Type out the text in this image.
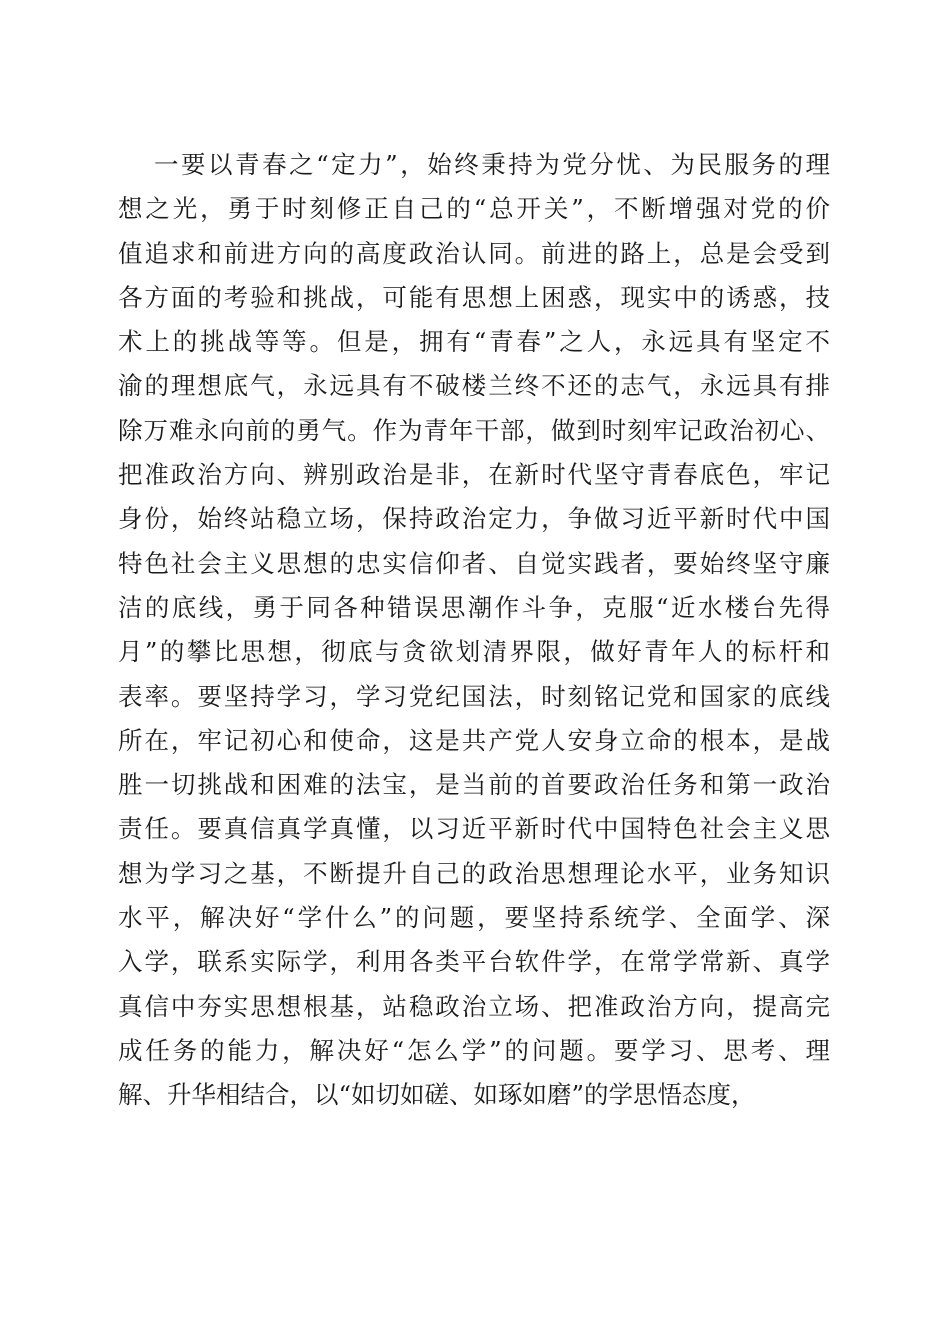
一要以青春之“定力”，始终秉持为党分忧、为民服务的理
想之光，勇于时刻修正自己的“总开关”，不断增强对党的价
值追求和前进方向的高度政治认同。前进的路上，总是会受到
各方面的考验和挑战，可能有思想上困惑，现实中的诱惑，技
术上的挑战等等。但是，拥有“青春”之人，永远具有坚定不
渝的理想底气，永远具有不破楼兰终不还的志气，永远具有排
除万难永向前的勇气。作为青年干部，做到时刻牢记政治初心、
把准政治方向、辨别政治是非，在新时代坚守青春底色，牢记
身份，始终站稳立场，保持政治定力，争做习近平新时代中国
特色社会主义思想的忠实信仰者、自觉实践者，要始终坚守廉
洁的底线，勇于同各种错误思潮作斗争，克服“近水楼台先得
月”的攀比思想，彻底与贪欲划清界限，做好青年人的标杆和
表率。要坚持学习，学习党纪国法，时刻铭记党和国家的底线
所在，牢记初心和使命，这是共产党人安身立命的根本，是战
胜一切挑战和困难的法宝，是当前的首要政治任务和第一政治
责任。要真信真学真懂，以习近平新时代中国特色社会主义思
想为学习之基，不断提升自己的政治思想理论水平，业务知识
水平，解决好“学什么”的问题，要坚持系统学、全面学、深
入学，联系实际学，利用各类平台软件学，在常学常新、真学
真信中夯实思想根基，站稳政治立场、把准政治方向，提高完
成任务的能力，解决好“怎么学”的问题。要学习、思考、理
解、升华相结合，以“如切如磋、如琢如磨”的学思悟态度，
